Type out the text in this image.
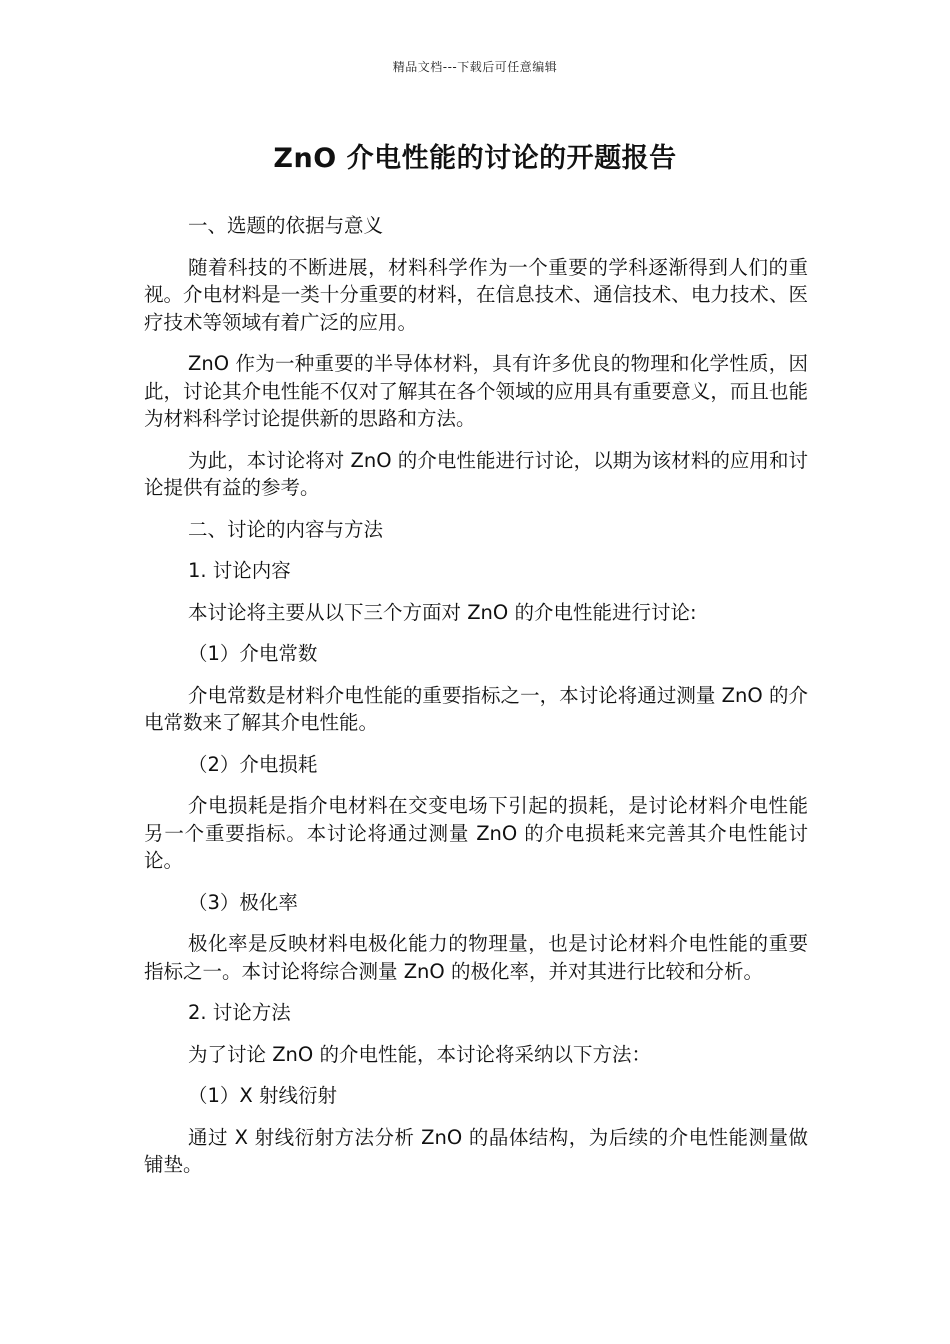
精品文档---下载后可任意编辑
ZnO 介电性能的讨论的开题报告

一、选题的依据与意义

随着科技的不断进展，材料科学作为一个重要的学科逐渐得到人们的重视。介电材料是一类十分重要的材料，在信息技术、通信技术、电力技术、医疗技术等领域有着广泛的应用。

ZnO 作为一种重要的半导体材料，具有许多优良的物理和化学性质，因此，讨论其介电性能不仅对了解其在各个领域的应用具有重要意义，而且也能为材料科学讨论提供新的思路和方法。

为此，本讨论将对 ZnO 的介电性能进行讨论，以期为该材料的应用和讨论提供有益的参考。

二、讨论的内容与方法

1. 讨论内容

本讨论将主要从以下三个方面对 ZnO 的介电性能进行讨论:

（1）介电常数

介电常数是材料介电性能的重要指标之一，本讨论将通过测量 ZnO 的介电常数来了解其介电性能。

（2）介电损耗

介电损耗是指介电材料在交变电场下引起的损耗，是讨论材料介电性能另一个重要指标。本讨论将通过测量 ZnO 的介电损耗来完善其介电性能讨论。

（3）极化率

极化率是反映材料电极化能力的物理量，也是讨论材料介电性能的重要指标之一。本讨论将综合测量 ZnO 的极化率，并对其进行比较和分析。

2. 讨论方法

为了讨论 ZnO 的介电性能，本讨论将采纳以下方法：

（1）X 射线衍射

通过 X 射线衍射方法分析 ZnO 的晶体结构，为后续的介电性能测量做铺垫。
